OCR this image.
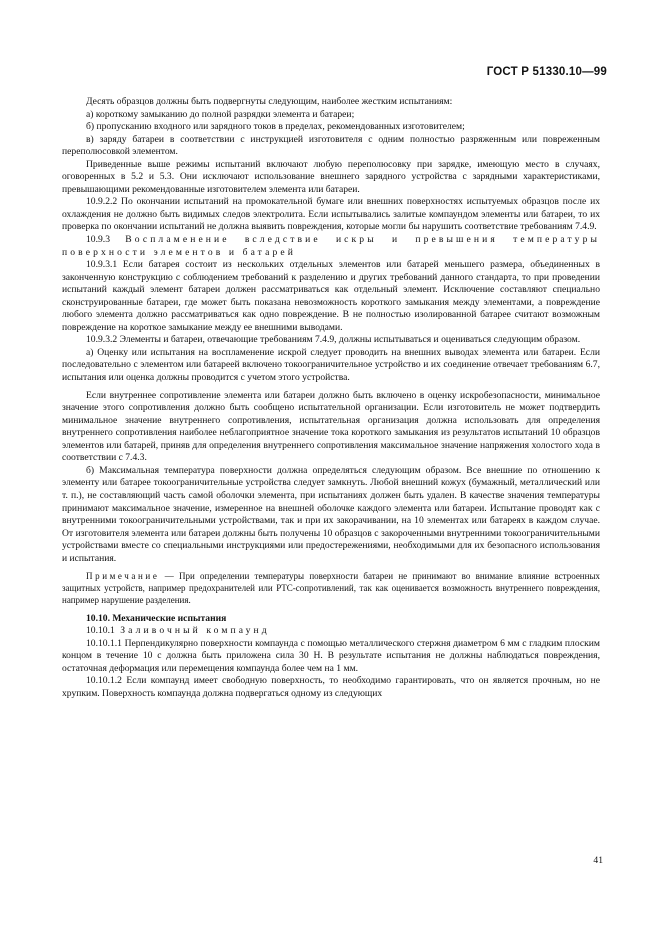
ГОСТ Р 51330.10—99

Десять образцов должны быть подвергнуты следующим, наиболее жестким испытаниям:

а) короткому замыканию до полной разрядки элемента и батареи;

б) пропусканию входного или зарядного токов в пределах, рекомендованных изготовителем;

в) заряду батареи в соответствии с инструкцией изготовителя с одним полностью разряженным или повреженным переполюсовкой элементом.

Приведенные выше режимы испытаний включают любую переполюсовку при зарядке, имеющую место в случаях, оговоренных в 5.2 и 5.3. Они исключают использование внешнего зарядного устройства с зарядными характеристиками, превышающими рекомендованные изготовителем элемента или батареи.

10.9.2.2 По окончании испытаний на промокательной бумаге или внешних поверхностях испытуемых образцов после их охлаждения не должно быть видимых следов электролита. Если испытывались залитые компаундом элементы или батареи, то их проверка по окончании испытаний не должна выявить повреждения, которые могли бы нарушить соответствие требованиям 7.4.9.

10.9.3 Воспламенение вследствие искры и превышения температуры поверхности элементов и батарей

10.9.3.1 Если батарея состоит из нескольких отдельных элементов или батарей меньшего размера, объединенных в законченную конструкцию с соблюдением требований к разделению и других требований данного стандарта, то при проведении испытаний каждый элемент батареи должен рассматриваться как отдельный элемент. Исключение составляют специально сконструированные батареи, где может быть показана невозможность короткого замыкания между элементами, а повреждение любого элемента должно рассматриваться как одно повреждение. В не полностью изолированной батарее считают возможным повреждение на короткое замыкание между ее внешними выводами.

10.9.3.2 Элементы и батареи, отвечающие требованиям 7.4.9, должны испытываться и оцениваться следующим образом.

а) Оценку или испытания на воспламенение искрой следует проводить на внешних выводах элемента или батареи. Если последовательно с элементом или батареей включено токоограничительное устройство и их соединение отвечает требованиям 6.7, испытания или оценка должны проводится с учетом этого устройства.

Если внутреннее сопротивление элемента или батареи должно быть включено в оценку искробезопасности, минимальное значение этого сопротивления должно быть сообщено испытательной организации. Если изготовитель не может подтвердить минимальное значение внутреннего сопротивления, испытательная организация должна использовать для определения внутреннего сопротивления наиболее неблагоприятное значение тока короткого замыкания из результатов испытаний 10 образцов элементов или батарей, приняв для определения внутреннего сопротивления максимальное значение напряжения холостого хода в соответствии с 7.4.3.

б) Максимальная температура поверхности должна определяться следующим образом. Все внешние по отношению к элементу или батарее токоограничительные устройства следует замкнуть. Любой внешний кожух (бумажный, металлический или т. п.), не составляющий часть самой оболочки элемента, при испытаниях должен быть удален. В качестве значения температуры принимают максимальное значение, измеренное на внешней оболочке каждого элемента или батареи. Испытание проводят как с внутренними токоограничительными устройствами, так и при их закорачивании, на 10 элементах или батареях в каждом случае. От изготовителя элемента или батареи должны быть получены 10 образцов с закороченными внутренними токоограничительными устройствами вместе со специальными инструкциями или предостережениями, необходимыми для их безопасного использования и испытания.

Примечание — При определении температуры поверхности батареи не принимают во внимание влияние встроенных защитных устройств, например предохранителей или PTC-сопротивлений, так как оценивается возможность внутреннего повреждения, например нарушение разделения.

10.10. Механические испытания

10.10.1 Заливочный компаунд

10.10.1.1 Перпендикулярно поверхности компаунда с помощью металлического стержня диаметром 6 мм с гладким плоским концом в течение 10 с должна быть приложена сила 30 Н. В результате испытания не должны наблюдаться повреждения, остаточная деформация или перемещения компаунда более чем на 1 мм.

10.10.1.2 Если компаунд имеет свободную поверхность, то необходимо гарантировать, что он является прочным, но не хрупким. Поверхность компаунда должна подвергаться одному из следующих

41
